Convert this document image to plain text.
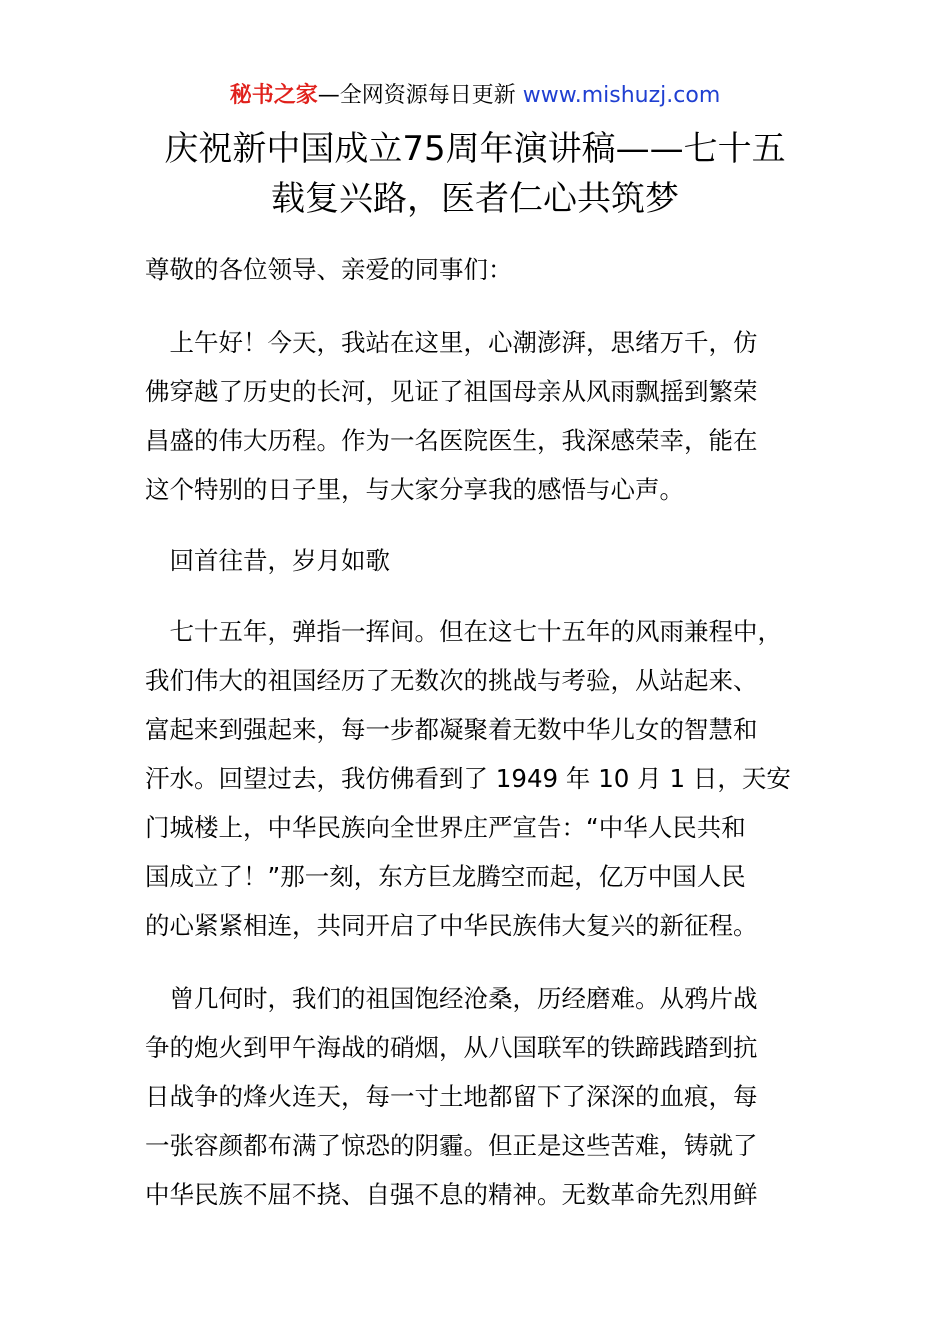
秘书之家—全网资源每日更新 www.mishuzj.com
庆祝新中国成立75周年演讲稿——七十五
载复兴路，医者仁心共筑梦

尊敬的各位领导、亲爱的同事们：

　上午好！今天，我站在这里，心潮澎湃，思绪万千，仿
佛穿越了历史的长河，见证了祖国母亲从风雨飘摇到繁荣
昌盛的伟大历程。作为一名医院医生，我深感荣幸，能在
这个特别的日子里，与大家分享我的感悟与心声。

　回首往昔，岁月如歌

　七十五年，弹指一挥间。但在这七十五年的风雨兼程中，
我们伟大的祖国经历了无数次的挑战与考验，从站起来、
富起来到强起来，每一步都凝聚着无数中华儿女的智慧和
汗水。回望过去，我仿佛看到了 1949 年 10 月 1 日，天安
门城楼上，中华民族向全世界庄严宣告：“中华人民共和
国成立了！”那一刻，东方巨龙腾空而起，亿万中国人民
的心紧紧相连，共同开启了中华民族伟大复兴的新征程。

　曾几何时，我们的祖国饱经沧桑，历经磨难。从鸦片战
争的炮火到甲午海战的硝烟，从八国联军的铁蹄践踏到抗
日战争的烽火连天，每一寸土地都留下了深深的血痕，每
一张容颜都布满了惊恐的阴霾。但正是这些苦难，铸就了
中华民族不屈不挠、自强不息的精神。无数革命先烈用鲜
